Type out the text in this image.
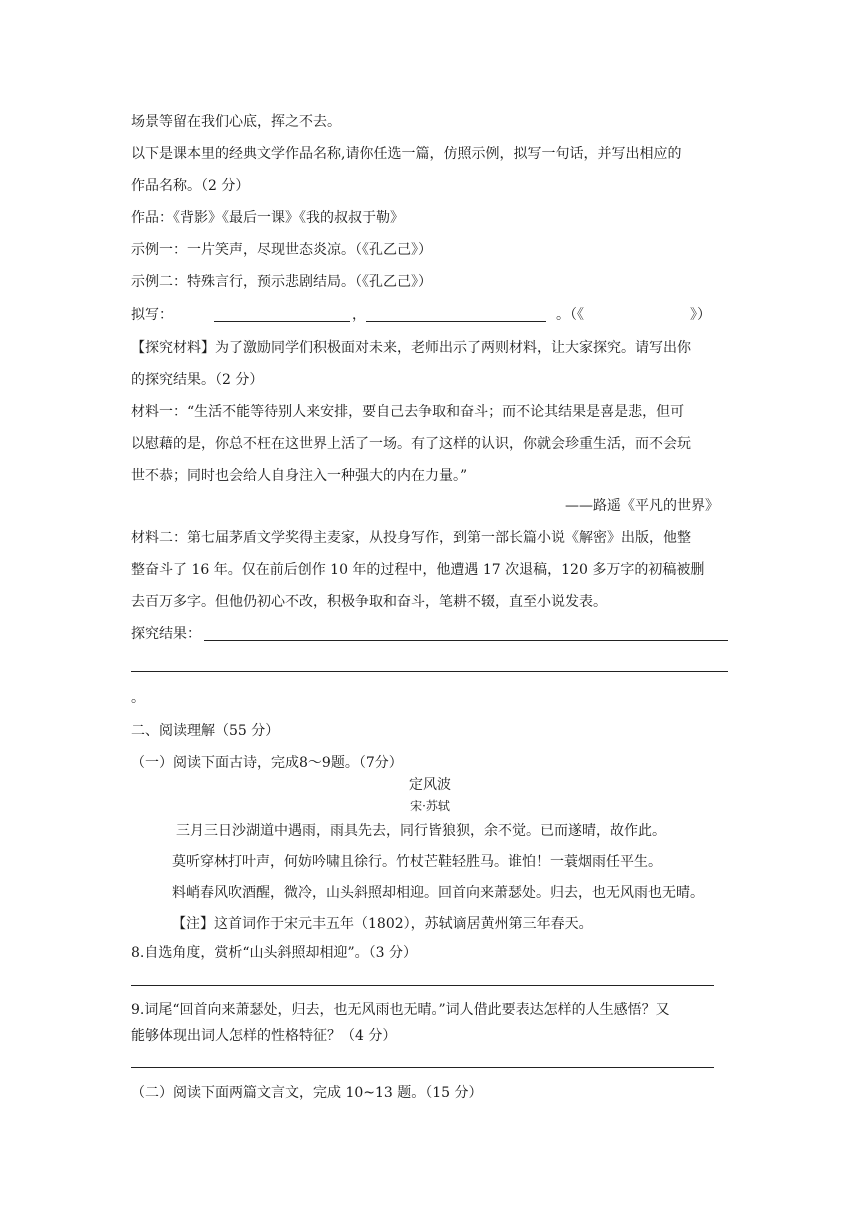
场景等留在我们心底，挥之不去。
以下是课本里的经典文学作品名称,请你任选一篇，仿照示例，拟写一句话，并写出相应的
作品名称。（2 分）
作品：《背影》《最后一课》《我的叔叔于勒》
示例一：一片笑声，尽现世态炎凉。（《孔乙己》）
示例二：特殊言行，预示悲剧结局。（《孔乙己》）
拟写：	，	。（《	》）
【探究材料】为了激励同学们积极面对未来，老师出示了两则材料，让大家探究。请写出你
的探究结果。（2 分）
材料一：“生活不能等待别人来安排，要自己去争取和奋斗；而不论其结果是喜是悲，但可
以慰藉的是，你总不枉在这世界上活了一场。有了这样的认识，你就会珍重生活，而不会玩
世不恭；同时也会给人自身注入一种强大的内在力量。”
——路遥《平凡的世界》
材料二：第七届茅盾文学奖得主麦家，从投身写作，到第一部长篇小说《解密》出版，他整
整奋斗了 16 年。仅在前后创作 10 年的过程中，他遭遇 17 次退稿，120 多万字的初稿被删
去百万多字。但他仍初心不改，积极争取和奋斗，笔耕不辍，直至小说发表。
探究结果：
。
二、阅读理解（55 分）
（一）阅读下面古诗，完成8～9题。（7分）
定风波
宋·苏轼
三月三日沙湖道中遇雨，雨具先去，同行皆狼狈，余不觉。已而遂晴，故作此。
莫听穿林打叶声，何妨吟啸且徐行。竹杖芒鞋轻胜马。谁怕！一蓑烟雨任平生。
料峭春风吹酒醒，微冷，山头斜照却相迎。回首向来萧瑟处。归去，也无风雨也无晴。
【注】这首词作于宋元丰五年（1802），苏轼谪居黄州第三年春天。
8.自选角度，赏析“山头斜照却相迎”。（3 分）
9.词尾“回首向来萧瑟处，归去，也无风雨也无晴。”词人借此要表达怎样的人生感悟？又
能够体现出词人怎样的性格特征？（4 分）
（二）阅读下面两篇文言文，完成 10~13 题。（15 分）
